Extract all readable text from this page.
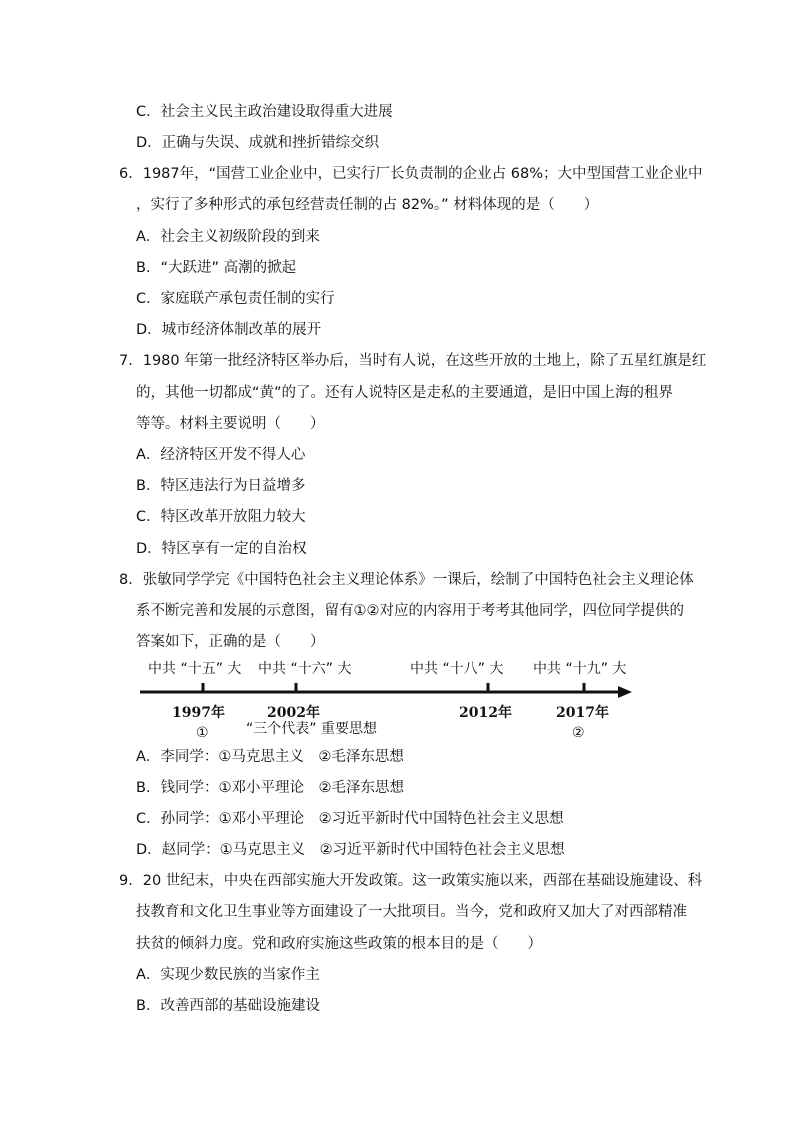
C．社会主义民主政治建设取得重大进展
D．正确与失误、成就和挫折错综交织
6．1987年，“国营工业企业中，已实行厂长负责制的企业占 68%；大中型国营工业企业中
，实行了多种形式的承包经营责任制的占 82%。” 材料体现的是（　　）
A．社会主义初级阶段的到来
B．“大跃进” 高潮的掀起
C．家庭联产承包责任制的实行
D．城市经济体制改革的展开
7．1980 年第一批经济特区举办后，当时有人说，在这些开放的土地上，除了五星红旗是红
的，其他一切都成“黄”的了。还有人说特区是走私的主要通道，是旧中国上海的租界
等等。材料主要说明（　　）
A．经济特区开发不得人心
B．特区违法行为日益增多
C．特区改革开放阻力较大
D．特区享有一定的自治权
8．张敏同学学完《中国特色社会主义理论体系》一课后，绘制了中国特色社会主义理论体
系不断完善和发展的示意图，留有①②对应的内容用于考考其他同学，四位同学提供的
答案如下，正确的是（　　）
中共 “十五” 大 中共 “十六” 大	中共 “十八” 大 中共 “十九” 大
1997年	2002年	2012年	2017年
①	“三个代表” 重要思想	②
A．李同学：①马克思主义　②毛泽东思想
B．钱同学：①邓小平理论　②毛泽东思想
C．孙同学：①邓小平理论　②习近平新时代中国特色社会主义思想
D．赵同学：①马克思主义　②习近平新时代中国特色社会主义思想
9．20 世纪末，中央在西部实施大开发政策。这一政策实施以来，西部在基础设施建设、科
技教育和文化卫生事业等方面建设了一大批项目。当今，党和政府又加大了对西部精准
扶贫的倾斜力度。党和政府实施这些政策的根本目的是（　　）
A．实现少数民族的当家作主
B．改善西部的基础设施建设
